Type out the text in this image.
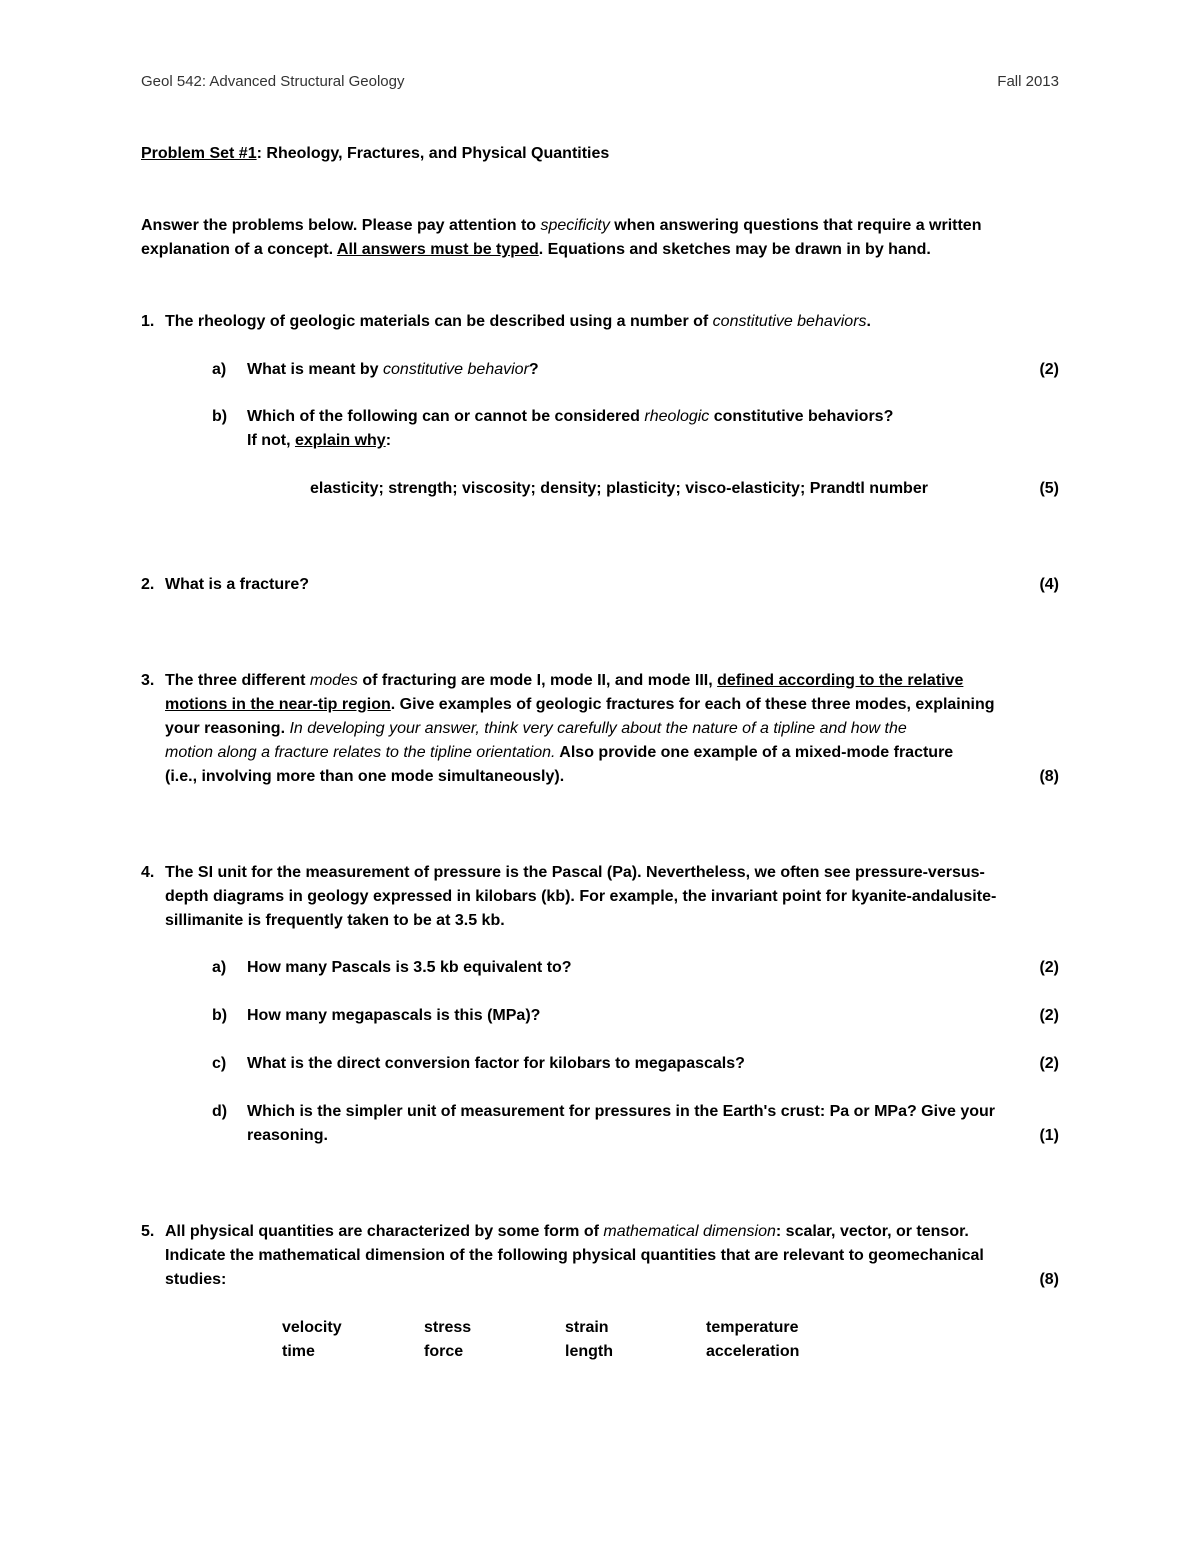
Geol 542: Advanced Structural Geology	Fall 2013
Problem Set #1: Rheology, Fractures, and Physical Quantities
Answer the problems below. Please pay attention to specificity when answering questions that require a written
explanation of a concept. All answers must be typed. Equations and sketches may be drawn in by hand.
1. The rheology of geologic materials can be described using a number of constitutive behaviors.
a) What is meant by constitutive behavior?	(2)
b) Which of the following can or cannot be considered rheologic constitutive behaviors?
If not, explain why:
elasticity; strength; viscosity; density; plasticity; visco-elasticity; Prandtl number	(5)
2. What is a fracture?	(4)
3. The three different modes of fracturing are mode I, mode II, and mode III, defined according to the relative
motions in the near-tip region. Give examples of geologic fractures for each of these three modes, explaining
your reasoning. In developing your answer, think very carefully about the nature of a tipline and how the
motion along a fracture relates to the tipline orientation. Also provide one example of a mixed-mode fracture
(i.e., involving more than one mode simultaneously).	(8)
4. The SI unit for the measurement of pressure is the Pascal (Pa). Nevertheless, we often see pressure-versus-
depth diagrams in geology expressed in kilobars (kb). For example, the invariant point for kyanite-andalusite-
sillimanite is frequently taken to be at 3.5 kb.
a) How many Pascals is 3.5 kb equivalent to?	(2)
b) How many megapascals is this (MPa)?	(2)
c) What is the direct conversion factor for kilobars to megapascals?	(2)
d) Which is the simpler unit of measurement for pressures in the Earth's crust: Pa or MPa? Give your
reasoning.	(1)
5. All physical quantities are characterized by some form of mathematical dimension: scalar, vector, or tensor.
Indicate the mathematical dimension of the following physical quantities that are relevant to geomechanical
studies:	(8)
velocity	stress	strain	temperature
time	force	length	acceleration
